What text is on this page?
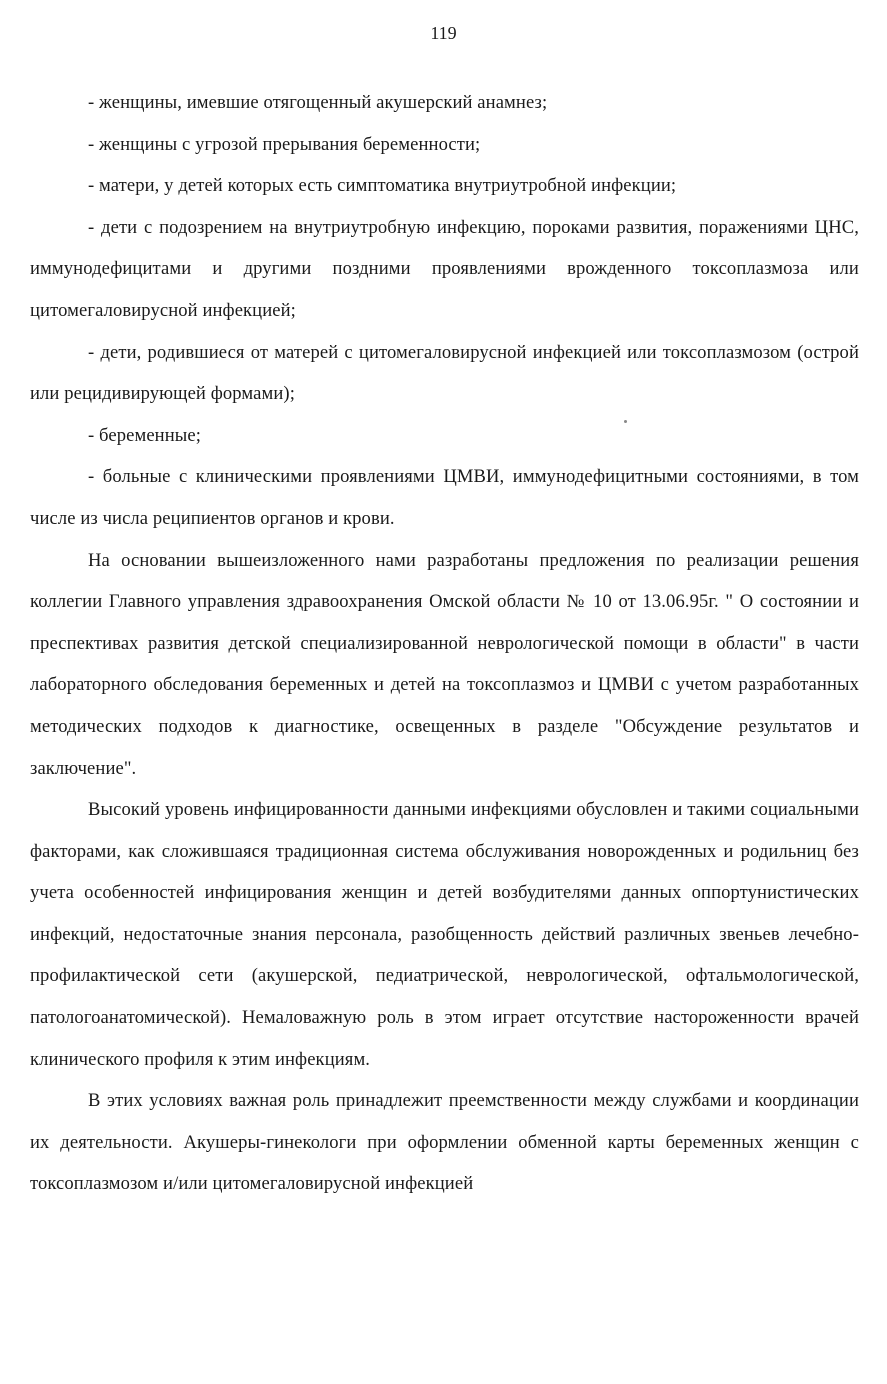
119

- женщины, имевшие отягощенный акушерский анамнез;

- женщины с угрозой прерывания беременности;

- матери, у детей которых есть симптоматика внутриутробной инфекции;

- дети с подозрением на внутриутробную инфекцию, пороками развития, поражениями ЦНС, иммунодефицитами и другими поздними проявлениями врожденного токсоплазмоза или цитомегаловирусной инфекцией;

- дети, родившиеся от матерей с цитомегаловирусной инфекцией или токсоплазмозом (острой или рецидивирующей формами);

- беременные;

- больные с клиническими проявлениями ЦМВИ, иммунодефицитными состояниями, в том числе из числа реципиентов органов и крови.

На основании вышеизложенного нами разработаны предложения по реализации решения коллегии Главного управления здравоохранения Омской области № 10 от 13.06.95г. " О состоянии и преспективах развития детской специализированной неврологической помощи в области" в части лабораторного обследования беременных и детей на токсоплазмоз и ЦМВИ с учетом разработанных методических подходов к диагностике, освещенных в разделе "Обсуждение результатов и заключение".

Высокий уровень инфицированности данными инфекциями обусловлен и такими социальными факторами, как сложившаяся традиционная система обслуживания новорожденных и родильниц без учета особенностей инфицирования женщин и детей возбудителями данных оппортунистических инфекций, недостаточные знания персонала, разобщенность действий различных звеньев лечебно-профилактической сети (акушерской, педиатрической, неврологической, офтальмологической, патологоанатомической). Немаловажную роль в этом играет отсутствие настороженности врачей клинического профиля к этим инфекциям.

В этих условиях важная роль принадлежит преемственности между службами и координации их деятельности. Акушеры-гинекологи при оформлении обменной карты беременных женщин с токсоплазмозом и/или цитомегаловирусной инфекцией
